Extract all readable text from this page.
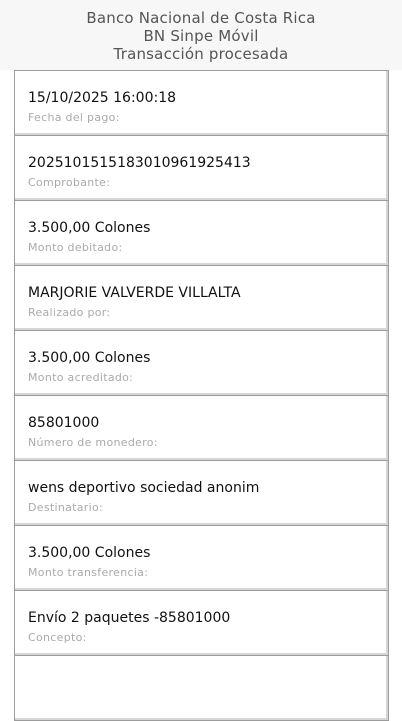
Banco Nacional de Costa Rica
BN Sinpe Móvil
Transacción procesada
15/10/2025 16:00:18
Fecha del pago:
2025101515183010961925413
Comprobante:
3.500,00 Colones
Monto debitado:
MARJORIE VALVERDE VILLALTA
Realizado por:
3.500,00 Colones
Monto acreditado:
85801000
Número de monedero:
wens deportivo sociedad anonim
Destinatario:
3.500,00 Colones
Monto transferencia:
Envío 2 paquetes -85801000
Concepto:
